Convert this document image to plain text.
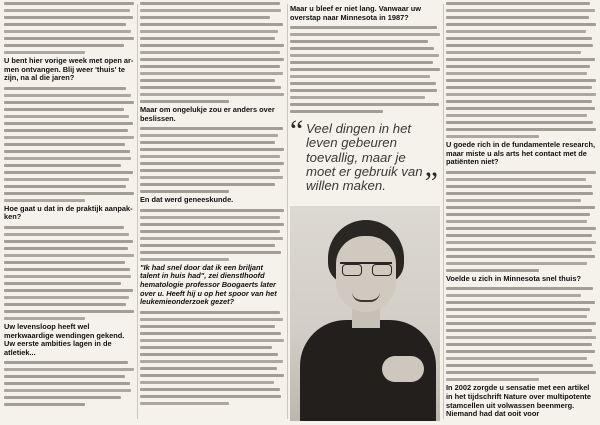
U bent hier vorige week met open ar-men ontvangen. Blij weer 'thuis' te zijn, na al die jaren?
Hoe gaat u dat in de praktijk aanpak-ken?
Uw levensloop heeft wel merkwaardige wendingen gekend. Uw eerste ambities lagen in de atletiek...
Maar om ongelukje zou er anders over beslissen.
En dat werd geneeskunde.
"Ik had snel door dat ik een briljant talent in huis had", zei dienstlhoofd hematologie professor Boogaerts later over u. Heeft hij u op het spoor van het leukemieonderzoek gezet?
Maar u bleef er niet lang. Vanwaar uw overstap naar Minnesota in 1987?
“ Veel dingen in het leven gebeuren toevallig, maar je moet er gebruik van willen maken. ”
U goede rich in de fundamentele research, maar miste u als arts het contact met de patiënten niet?
Voelde u zich in Minnesota snel thuis?
In 2002 zorgde u sensatie met een artikel in het tijdschrift Nature over multipotente stamcellen uit volwassen beenmerg. Niemand had dat ooit voor
